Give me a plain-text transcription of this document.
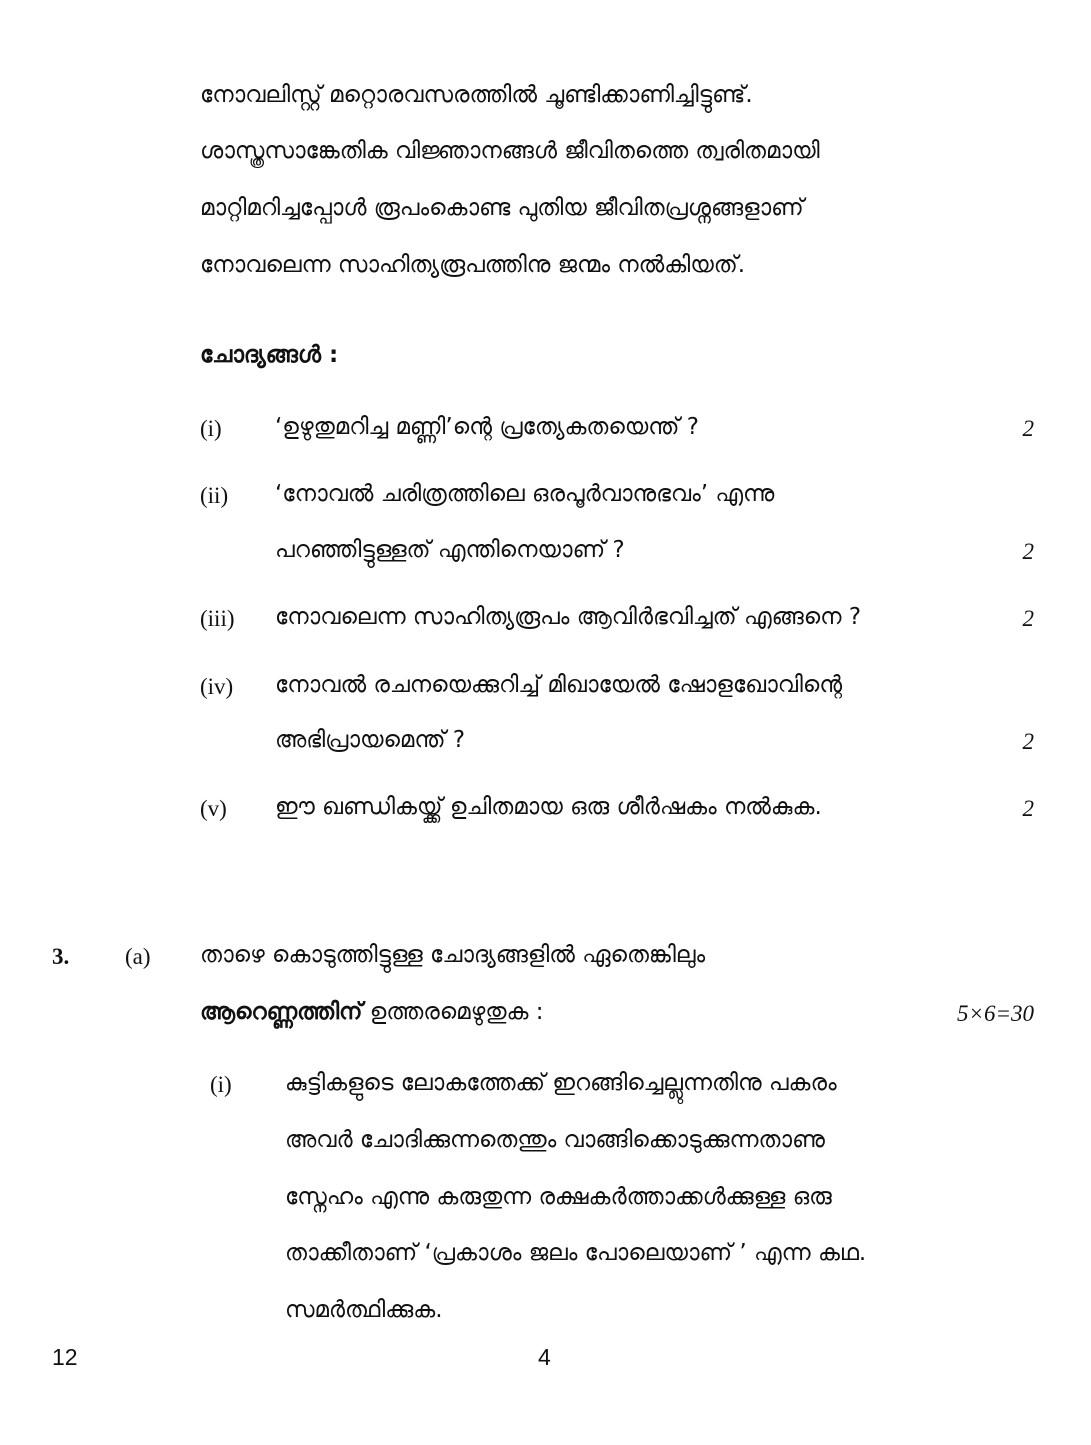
നോവലിസ്റ്റ് മറ്റൊരവസരത്തിൽ ചൂണ്ടിക്കാണിച്ചിട്ടുണ്ട്.
ശാസ്ത്രസാങ്കേതിക വിജ്ഞാനങ്ങൾ ജീവിതത്തെ ത്വരിതമായി
മാറ്റിമറിച്ചപ്പോൾ രൂപംകൊണ്ട പുതിയ ജീവിതപ്രശ്നങ്ങളാണ്
നോവലെന്ന സാഹിത്യരൂപത്തിനു ജന്മം നൽകിയത്.
ചോദ്യങ്ങൾ :
(i) ‘ഉഴുതുമറിച്ച മണ്ണി’ന്റെ പ്രത്യേകതയെന്ത് ?	2
(ii) ‘നോവൽ ചരിത്രത്തിലെ ഒരപൂർവാനുഭവം’ എന്നു
പറഞ്ഞിട്ടുള്ളത് എന്തിനെയാണ് ?	2
(iii) നോവലെന്ന സാഹിത്യരൂപം ആവിർഭവിച്ചത് എങ്ങനെ ?	2
(iv) നോവൽ രചനയെക്കുറിച്ച് മിഖായേൽ ഷോളഖോവിന്റെ
അഭിപ്രായമെന്ത് ?	2
(v) ഈ ഖണ്ഡികയ്ക്ക് ഉചിതമായ ഒരു ശീർഷകം നൽകുക.	2
3. (a) താഴെ കൊടുത്തിട്ടുള്ള ചോദ്യങ്ങളിൽ ഏതെങ്കിലും
ആറെണ്ണത്തിന് ഉത്തരമെഴുതുക :	5×6=30
(i) കുട്ടികളുടെ ലോകത്തേക്ക് ഇറങ്ങിച്ചെല്ലുന്നതിനു പകരം
അവർ ചോദിക്കുന്നതെന്തും വാങ്ങിക്കൊടുക്കുന്നതാണു
സ്നേഹം എന്നു കരുതുന്ന രക്ഷകർത്താക്കൾക്കുള്ള ഒരു
താക്കീതാണ് ‘പ്രകാശം ജലം പോലെയാണ് ’ എന്ന കഥ.
സമർത്ഥിക്കുക.
12	4
